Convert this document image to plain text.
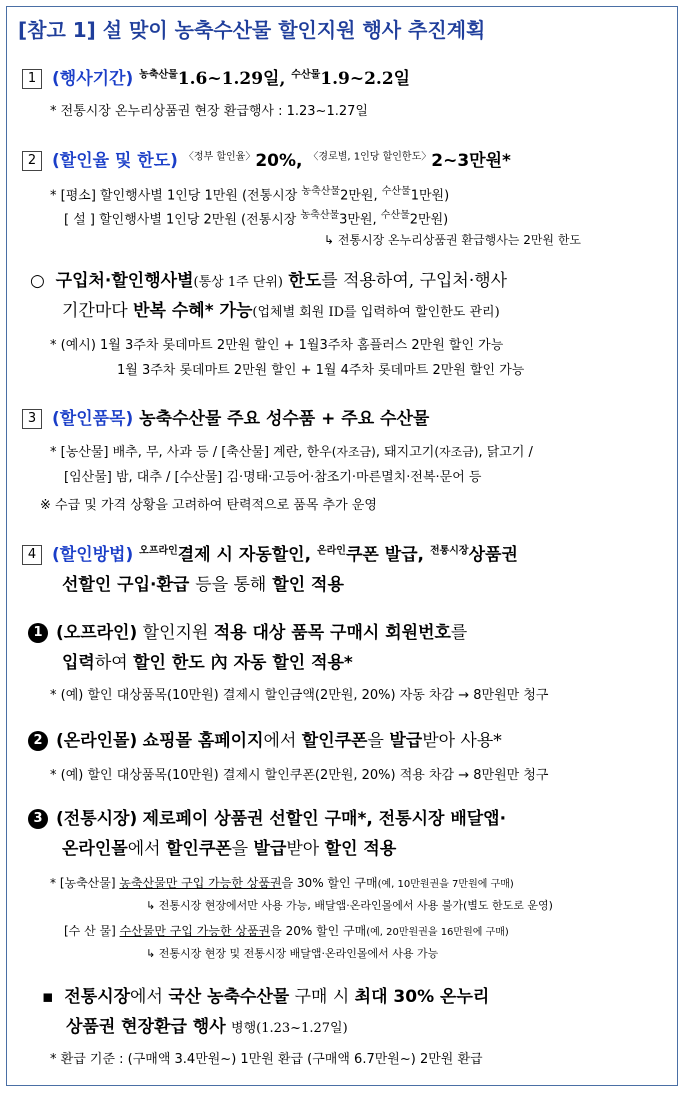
[참고 1] 설 맞이 농축수산물 할인지원 행사 추진계획
1 (행사기간) $^{농축산물}$1.6~1.29일, $^{수산물}$1.9~2.2일
* 전통시장 온누리상품권 현장 환급행사 : 1.23~1.27일
2 (할인율 및 한도) $^{〈정부 할인율〉}$20%, $^{〈경로별, 1인당 할인한도〉}$2~3만원*
* [평소] 할인행사별 1인당 1만원 (전통시장 $^{농축산물}$2만원, $^{수산물}$1만원)
[ 설 ] 할인행사별 1인당 2만원 (전통시장 $^{농축산물}$3만원, $^{수산물}$2만원)
↳ 전통시장 온누리상품권 환급행사는 2만원 한도
○ 구입처·할인행사별(통상 1주 단위) 한도를 적용하여, 구입처·행사
기간마다 반복 수혜* 가능(업체별 회원 ID를 입력하여 할인한도 관리)
* (예시) 1월 3주차 롯데마트 2만원 할인 + 1월3주차 홈플러스 2만원 할인 가능
1월 3주차 롯데마트 2만원 할인 + 1월 4주차 롯데마트 2만원 할인 가능
3 (할인품목) 농축수산물 주요 성수품 + 주요 수산물
* [농산물] 배추, 무, 사과 등 / [축산물] 계란, 한우(자조금), 돼지고기(자조금), 닭고기 /
[임산물] 밤, 대추 / [수산물] 김·명태·고등어·참조기·마른멸치·전복·문어 등
※ 수급 및 가격 상황을 고려하여 탄력적으로 품목 추가 운영
4 (할인방법) $^{오프라인}$결제 시 자동할인, $^{온라인}$쿠폰 발급, $^{전통시장}$상품권
선할인 구입·환급 등을 통해 할인 적용
1 (오프라인) 할인지원 적용 대상 품목 구매시 회원번호를
입력하여 할인 한도 內 자동 할인 적용*
* (예) 할인 대상품목(10만원) 결제시 할인금액(2만원, 20%) 자동 차감 → 8만원만 청구
2 (온라인몰) 쇼핑몰 홈페이지에서 할인쿠폰을 발급받아 사용*
* (예) 할인 대상품목(10만원) 결제시 할인쿠폰(2만원, 20%) 적용 차감 → 8만원만 청구
3 (전통시장) 제로페이 상품권 선할인 구매*, 전통시장 배달앱·
온라인몰에서 할인쿠폰을 발급받아 할인 적용
* [농축산물] 농축산물만 구입 가능한 상품권을 30% 할인 구매(예, 10만원권을 7만원에 구매)
↳ 전통시장 현장에서만 사용 가능, 배달앱·온라인몰에서 사용 불가(별도 한도로 운영)
[수 산 물] 수산물만 구입 가능한 상품권을 20% 할인 구매(예, 20만원권을 16만원에 구매)
↳ 전통시장 현장 및 전통시장 배달앱·온라인몰에서 사용 가능
▪ 전통시장에서 국산 농축수산물 구매 시 최대 30% 온누리
상품권 현장환급 행사 병행(1.23~1.27일)
* 환급 기준 : (구매액 3.4만원~) 1만원 환급 (구매액 6.7만원~) 2만원 환급
